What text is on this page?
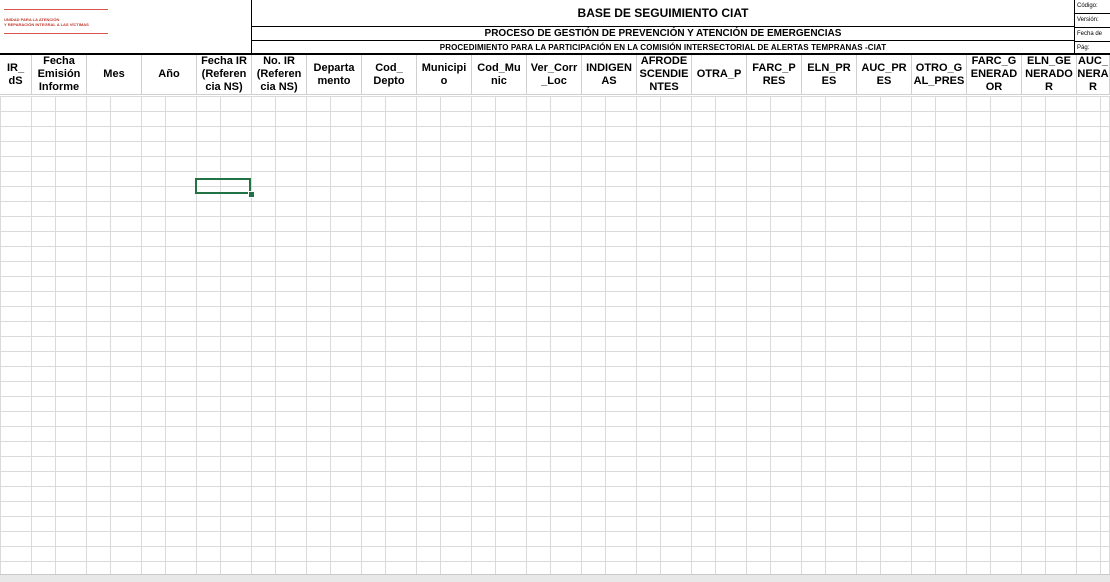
UNIDAD PARA LA ATENCIÓN
Y REPARACIÓN INTEGRAL A LAS VÍCTIMAS
BASE DE SEGUIMIENTO CIAT
PROCESO DE GESTIÓN DE PREVENCIÓN Y ATENCIÓN DE EMERGENCIAS
PROCEDIMIENTO PARA LA PARTICIPACIÓN EN LA COMISIÓN INTERSECTORIAL DE ALERTAS TEMPRANAS -CIAT
Código:
Versión:
Fecha de
Pág:
IR_
dS
Fecha
Emisión
Informe
Mes	Año
Fecha IR
(Referen
cia NS)
No. IR
(Referen
cia NS)
Departa
mento
Cod_
Depto
Municipi
o
Cod_Mu
nic
Ver_Corr
_Loc
INDIGEN
AS
AFRODE
SCENDIE
NTES
OTRA_P
FARC_P
RES
ELN_PR
ES
AUC_PR
ES
OTRO_G
AL_PRES
FARC_G
ENERAD
OR
ELN_GE
NERADO
R
AUC_
NERA
R
